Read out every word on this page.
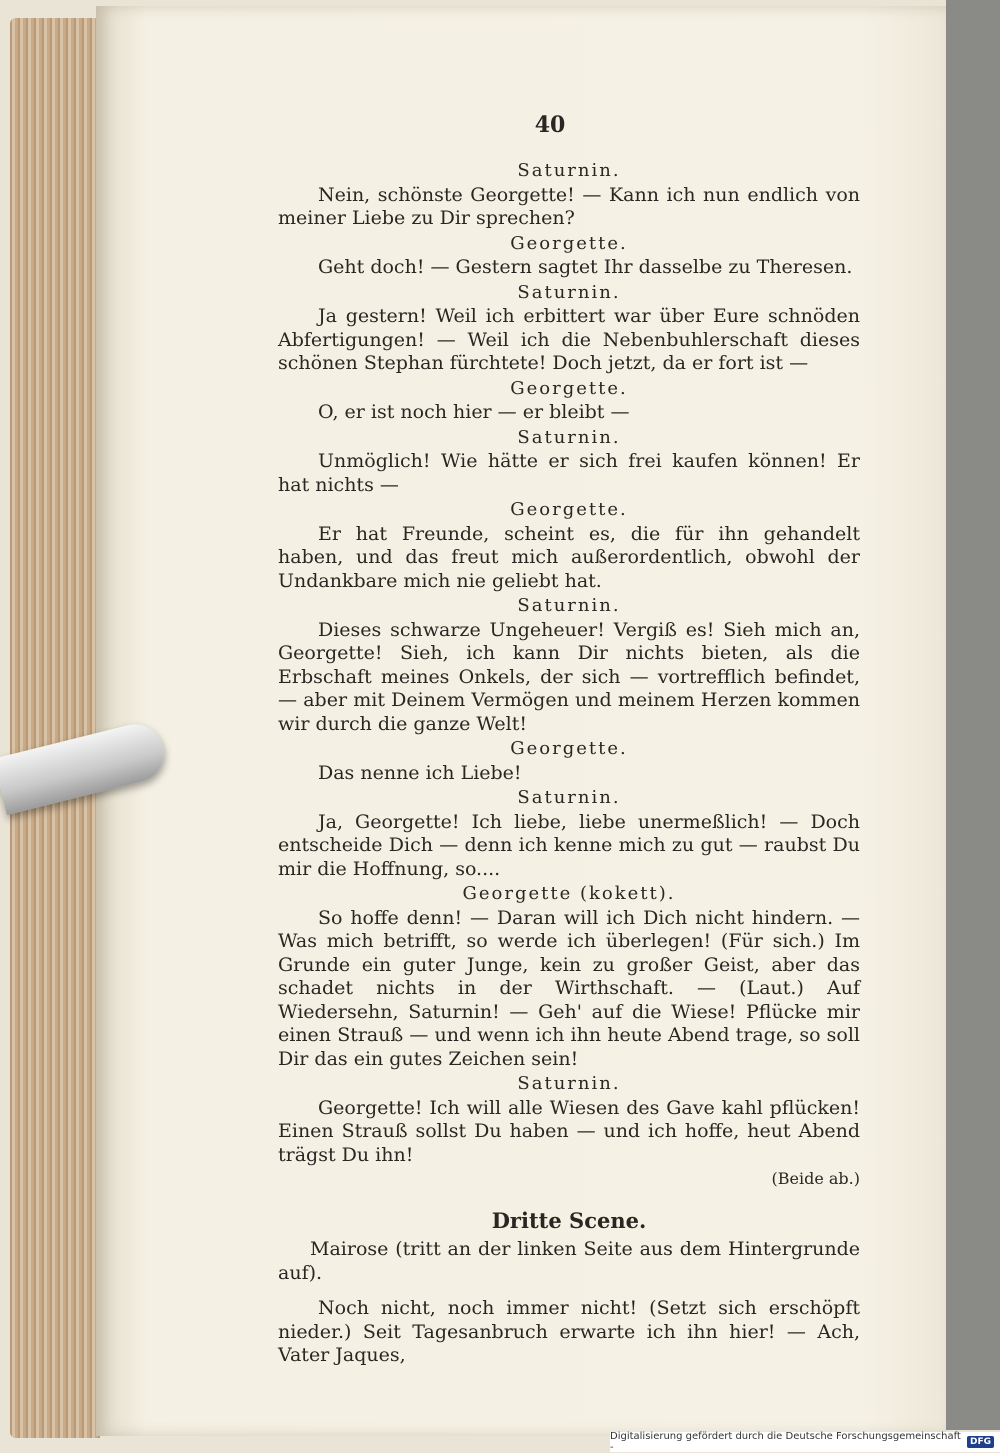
40
Saturnin.
Nein, schönste Georgette! — Kann ich nun endlich von meiner Liebe zu Dir sprechen?
Georgette.
Geht doch! — Gestern sagtet Ihr dasselbe zu Theresen.
Saturnin.
Ja gestern! Weil ich erbittert war über Eure schnöden Abfertigungen! — Weil ich die Nebenbuhlerschaft dieses schönen Stephan fürchtete! Doch jetzt, da er fort ist —
Georgette.
O, er ist noch hier — er bleibt —
Saturnin.
Unmöglich! Wie hätte er sich frei kaufen können! Er hat nichts —
Georgette.
Er hat Freunde, scheint es, die für ihn gehandelt haben, und das freut mich außerordentlich, obwohl der Undankbare mich nie geliebt hat.
Saturnin.
Dieses schwarze Ungeheuer! Vergiß es! Sieh mich an, Georgette! Sieh, ich kann Dir nichts bieten, als die Erbschaft meines Onkels, der sich — vortrefflich befindet, — aber mit Deinem Vermögen und meinem Herzen kommen wir durch die ganze Welt!
Georgette.
Das nenne ich Liebe!
Saturnin.
Ja, Georgette! Ich liebe, liebe unermeßlich! — Doch entscheide Dich — denn ich kenne mich zu gut — raubst Du mir die Hoffnung, so....
Georgette (kokett).
So hoffe denn! — Daran will ich Dich nicht hindern. — Was mich betrifft, so werde ich überlegen! (Für sich.) Im Grunde ein guter Junge, kein zu großer Geist, aber das schadet nichts in der Wirthschaft. — (Laut.) Auf Wiedersehn, Saturnin! — Geh' auf die Wiese! Pflücke mir einen Strauß — und wenn ich ihn heute Abend trage, so soll Dir das ein gutes Zeichen sein!
Saturnin.
Georgette! Ich will alle Wiesen des Gave kahl pflücken! Einen Strauß sollst Du haben — und ich hoffe, heut Abend trägst Du ihn!
(Beide ab.)
Dritte Scene.
Mairose (tritt an der linken Seite aus dem Hintergrunde auf).
Noch nicht, noch immer nicht! (Setzt sich erschöpft nieder.) Seit Tagesanbruch erwarte ich ihn hier! — Ach, Vater Jaques,
Digitalisierung gefördert durch die Deutsche Forschungsgemeinschaft -	DFG
